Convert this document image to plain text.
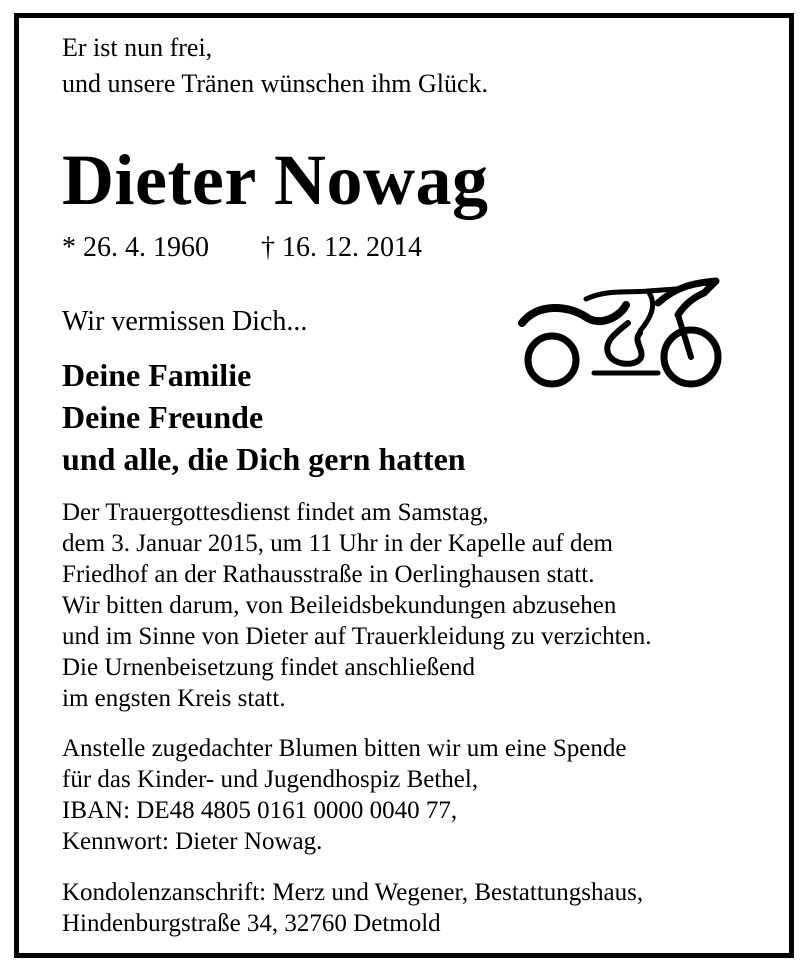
Er ist nun frei,
und unsere Tränen wünschen ihm Glück.
Dieter Nowag
* 26. 4. 1960 † 16. 12. 2014
Wir vermissen Dich...
Deine Familie
Deine Freunde
und alle, die Dich gern hatten
Der Trauergottesdienst findet am Samstag,
dem 3. Januar 2015, um 11 Uhr in der Kapelle auf dem
Friedhof an der Rathausstraße in Oerlinghausen statt.
Wir bitten darum, von Beileidsbekundungen abzusehen
und im Sinne von Dieter auf Trauerkleidung zu verzichten.
Die Urnenbeisetzung findet anschließend
im engsten Kreis statt.
Anstelle zugedachter Blumen bitten wir um eine Spende
für das Kinder- und Jugendhospiz Bethel,
IBAN: DE48 4805 0161 0000 0040 77,
Kennwort: Dieter Nowag.
Kondolenzanschrift: Merz und Wegener, Bestattungshaus,
Hindenburgstraße 34, 32760 Detmold
